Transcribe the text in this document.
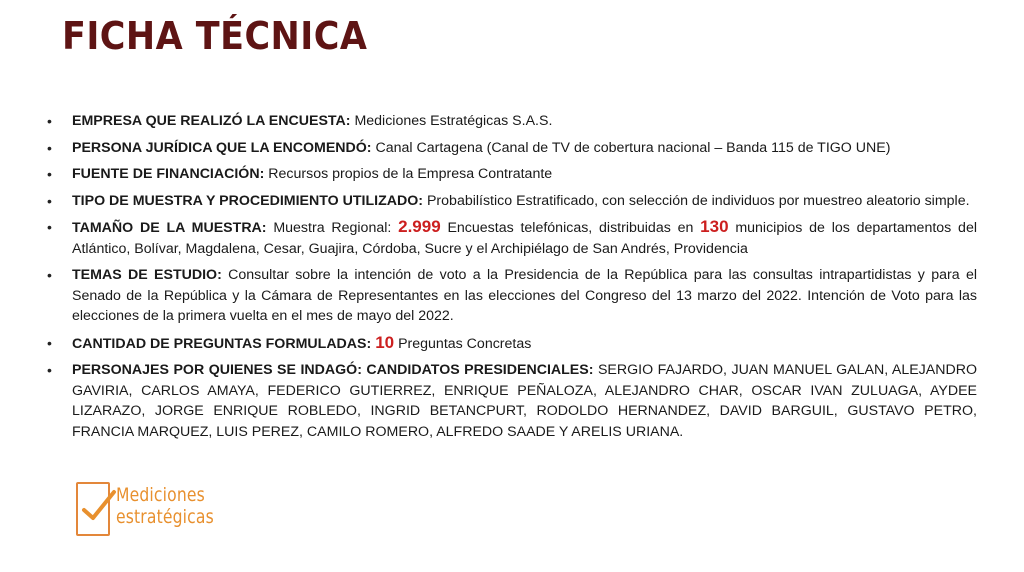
FICHA TÉCNICA
• EMPRESA QUE REALIZÓ LA ENCUESTA: Mediciones Estratégicas S.A.S.
• PERSONA JURÍDICA QUE LA ENCOMENDÓ: Canal Cartagena (Canal de TV de cobertura nacional – Banda 115 de TIGO UNE)
• FUENTE DE FINANCIACIÓN: Recursos propios de la Empresa Contratante
• TIPO DE MUESTRA Y PROCEDIMIENTO UTILIZADO: Probabilístico Estratificado, con selección de individuos por muestreo aleatorio simple.
• TAMAÑO DE LA MUESTRA: Muestra Regional: 2.999 Encuestas telefónicas, distribuidas en 130 municipios de los departamentos del Atlántico, Bolívar, Magdalena, Cesar, Guajira, Córdoba, Sucre y el Archipiélago de San Andrés, Providencia
• TEMAS DE ESTUDIO: Consultar sobre la intención de voto a la Presidencia de la República para las consultas intrapartidistas y para el Senado de la República y la Cámara de Representantes en las elecciones del Congreso del 13 marzo del 2022. Intención de Voto para las elecciones de la primera vuelta en el mes de mayo del 2022.
• CANTIDAD DE PREGUNTAS FORMULADAS: 10 Preguntas Concretas
• PERSONAJES POR QUIENES SE INDAGÓ: CANDIDATOS PRESIDENCIALES: SERGIO FAJARDO, JUAN MANUEL GALAN, ALEJANDRO GAVIRIA, CARLOS AMAYA, FEDERICO GUTIERREZ, ENRIQUE PEÑALOZA, ALEJANDRO CHAR, OSCAR IVAN ZULUAGA, AYDEE LIZARAZO, JORGE ENRIQUE ROBLEDO, INGRID BETANCPURT, RODOLDO HERNANDEZ, DAVID BARGUIL, GUSTAVO PETRO, FRANCIA MARQUEZ, LUIS PEREZ, CAMILO ROMERO, ALFREDO SAADE Y ARELIS URIANA.
Mediciones
estratégicas
